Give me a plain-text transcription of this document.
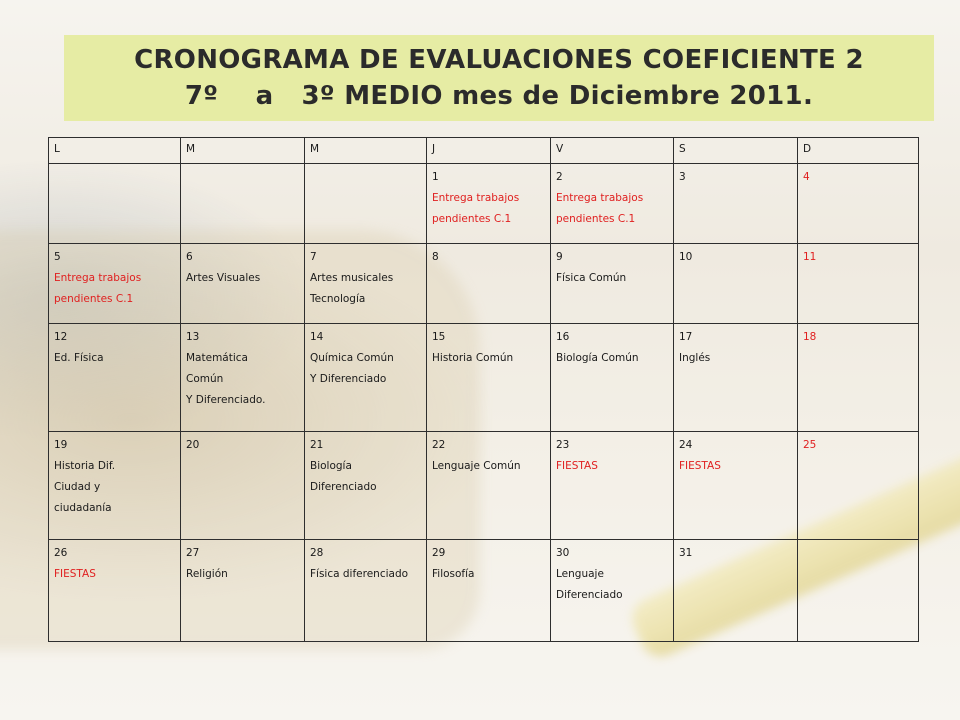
CRONOGRAMA DE EVALUACIONES COEFICIENTE 2
7º    a   3º MEDIO mes de Diciembre 2011.
L	M	M	J	V	S	D

			1
Entrega trabajos
pendientes C.1	2
Entrega trabajos
pendientes C.1	3	4

5
Entrega trabajos
pendientes C.1	6
Artes Visuales	7
Artes musicales
Tecnología	8	9
Física Común	10	11

12
Ed. Física	13
Matemática
Común
Y Diferenciado.	14
Química Común
Y Diferenciado	15
Historia Común	16
Biología Común	17
Inglés	18

19
Historia Dif.
Ciudad y
ciudadanía	20	21
Biología
Diferenciado	22
Lenguaje Común	23
FIESTAS	24
FIESTAS	25

26
FIESTAS	27
Religión	28
Física diferenciado	29
Filosofía	30
Lenguaje
Diferenciado	31	
